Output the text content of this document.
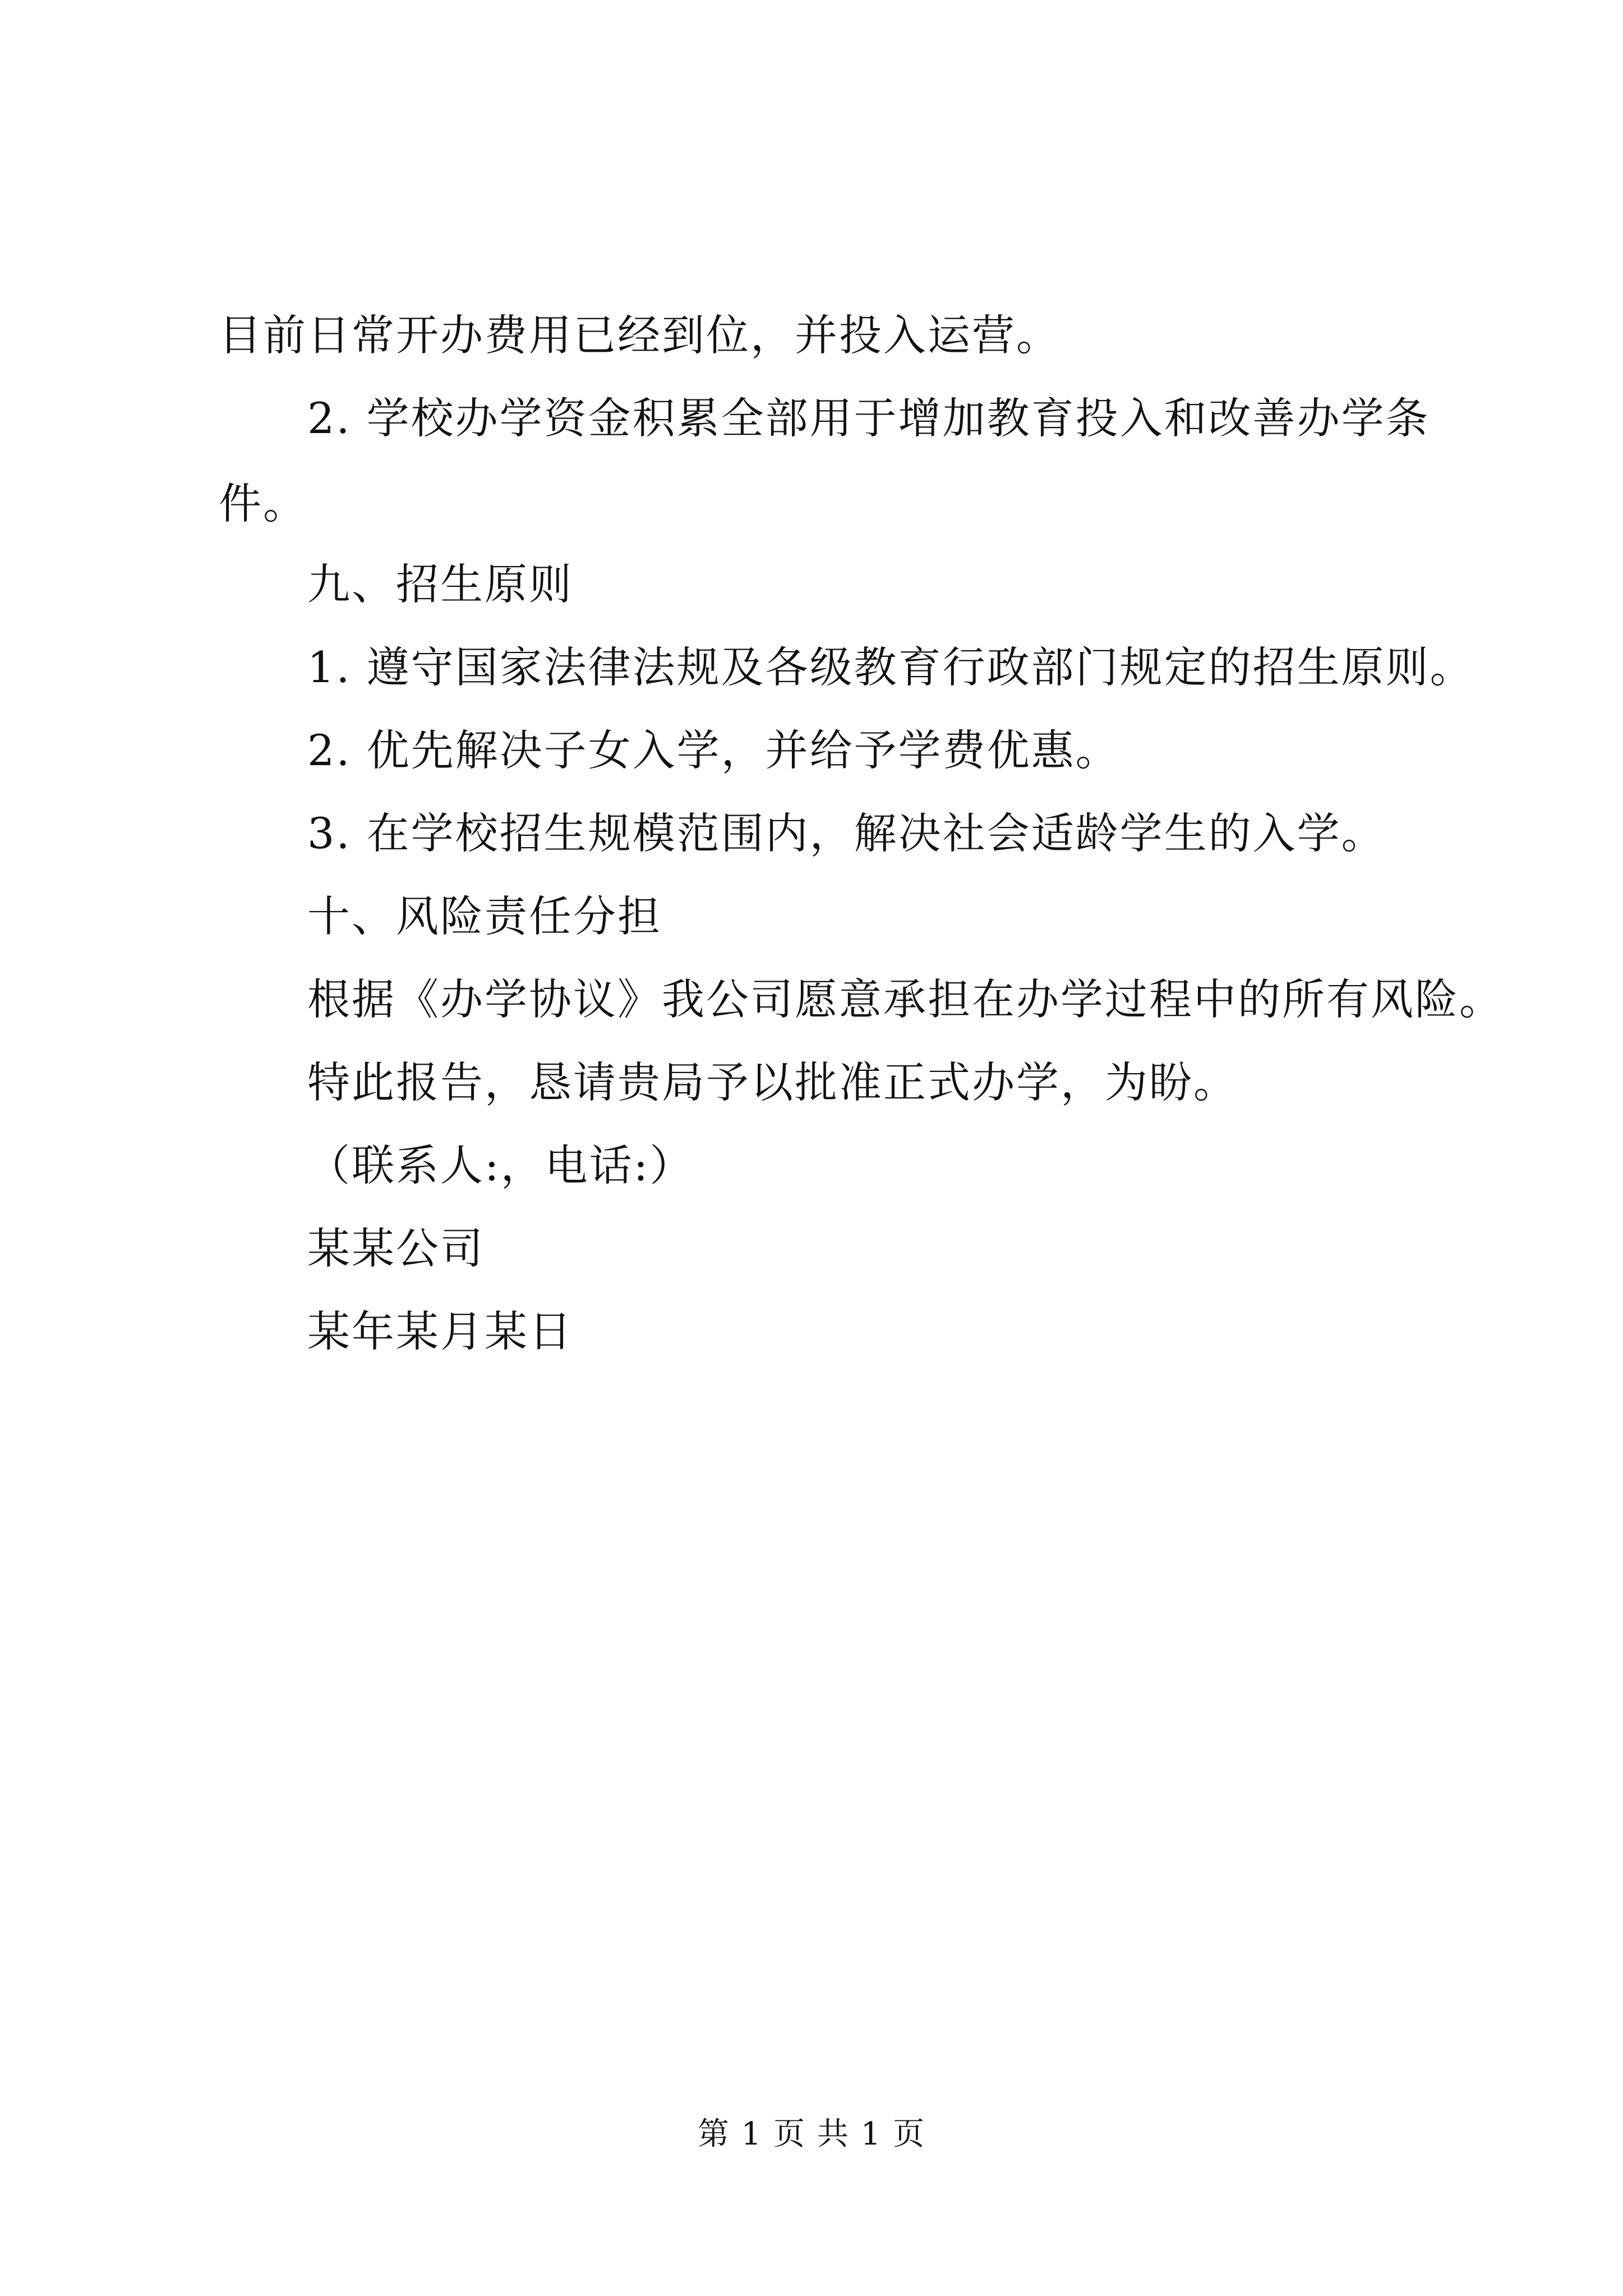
目前日常开办费用已经到位，并投入运营。
2. 学校办学资金积累全部用于增加教育投入和改善办学条
件。
九、招生原则
1. 遵守国家法律法规及各级教育行政部门规定的招生原则。
2. 优先解决子女入学，并给予学费优惠。
3. 在学校招生规模范围内，解决社会适龄学生的入学。
十、风险责任分担
根据《办学协议》我公司愿意承担在办学过程中的所有风险。
特此报告，恳请贵局予以批准正式办学，为盼。
（联系人:，电话:）
某某公司
某年某月某日
第 1 页 共 1 页
